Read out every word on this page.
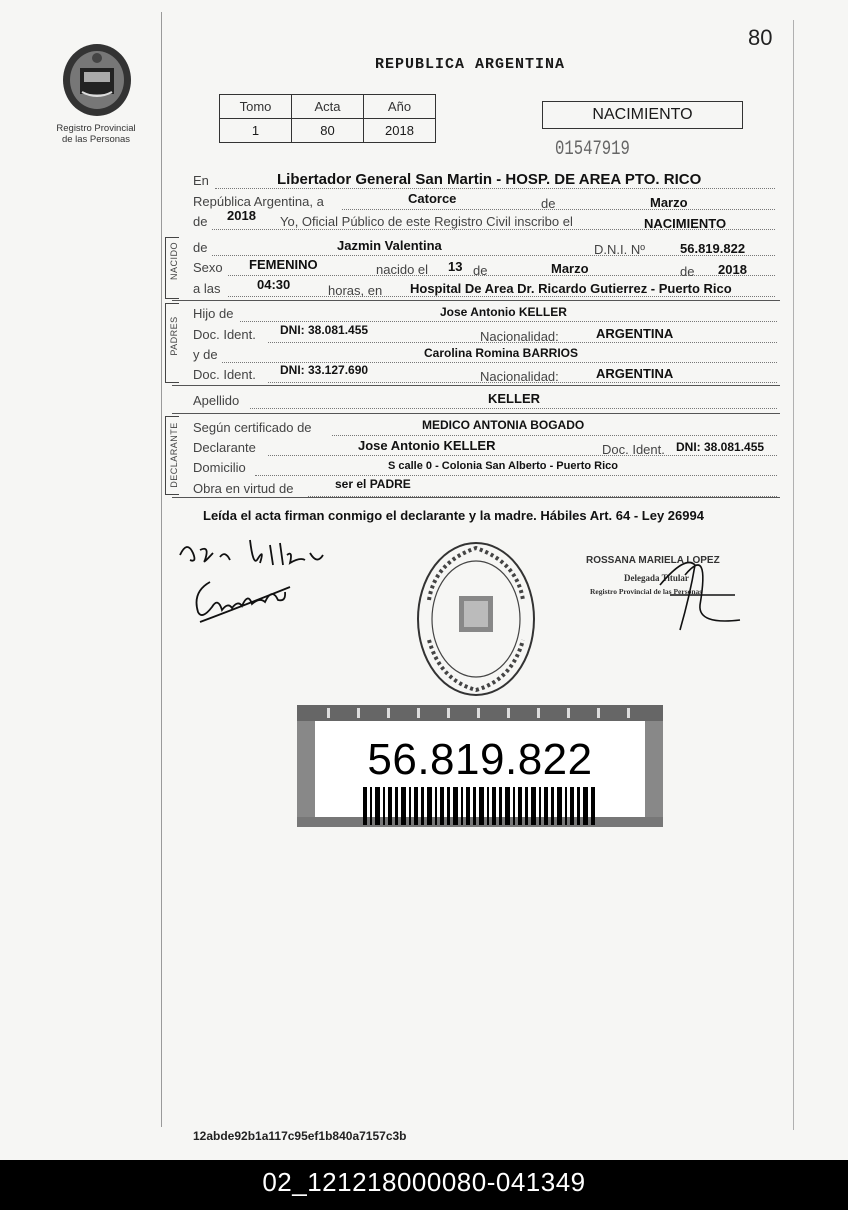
Registro Provincial
de las Personas
80
REPUBLICA ARGENTINA
Tomo	Acta	Año
1	80	2018
NACIMIENTO
01547919
En	Libertador General San Martin - HOSP. DE AREA PTO. RICO
República Argentina, a	Catorce	de	Marzo
de 2018 Yo, Oficial Público de este Registro Civil inscribo el	NACIMIENTO
NACIDO de	Jazmin Valentina	D.N.I. Nº	56.819.822
Sexo FEMENINO	nacido el 13 de	Marzo	de 2018
a las	04:30	horas, en Hospital De Area Dr. Ricardo Gutierrez - Puerto Rico
PADRES
Hijo de	Jose Antonio KELLER
Doc. Ident. DNI: 38.081.455	Nacionalidad:	ARGENTINA
y de	Carolina Romina BARRIOS
Doc. Ident. DNI: 33.127.690	Nacionalidad:	ARGENTINA
Apellido	KELLER
DECLARANTE Según certificado de	MEDICO ANTONIA BOGADO
Declarante	Jose Antonio KELLER	Doc. Ident. DNI: 38.081.455
Domicilio	S calle 0 - Colonia San Alberto - Puerto Rico
Obra en virtud de	ser el PADRE
Leída el acta firman conmigo el declarante y la madre. Hábiles Art. 64 - Ley 26994
ROSSANA MARIELA LOPEZ
Delegada Titular
Registro Provincial de las Personas
56.819.822
12abde92b1a117c95ef1b840a7157c3b
02_121218000080-041349
